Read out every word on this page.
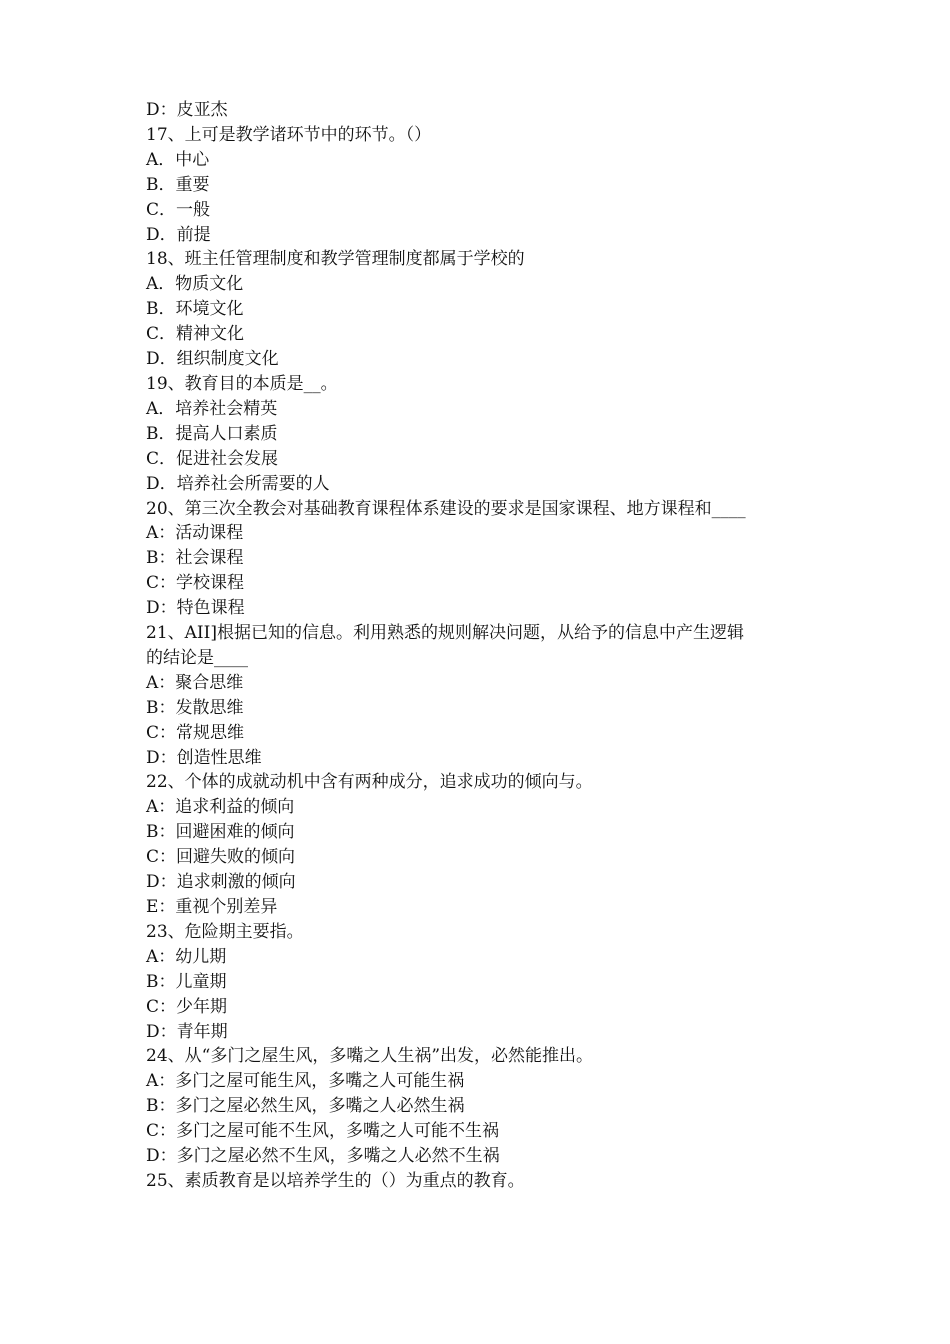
D：皮亚杰

17、上可是教学诸环节中的环节。（）

A．中心

B．重要

C．一般

D．前提

18、班主任管理制度和教学管理制度都属于学校的

A．物质文化

B．环境文化

C．精神文化

D．组织制度文化

19、教育目的本质是__。

A．培养社会精英

B．提高人口素质

C．促进社会发展

D．培养社会所需要的人

20、第三次全教会对基础教育课程体系建设的要求是国家课程、地方课程和____

A：活动课程

B：社会课程

C：学校课程

D：特色课程

21、AII]根据已知的信息。利用熟悉的规则解决问题，从给予的信息中产生逻辑

的结论是____

A：聚合思维

B：发散思维

C：常规思维

D：创造性思维

22、个体的成就动机中含有两种成分，追求成功的倾向与。

A：追求利益的倾向

B：回避困难的倾向

C：回避失败的倾向

D：追求刺激的倾向

E：重视个别差异

23、危险期主要指。

A：幼儿期

B：儿童期

C：少年期

D：青年期

24、从“多门之屋生风，多嘴之人生祸”出发，必然能推出。

A：多门之屋可能生风，多嘴之人可能生祸

B：多门之屋必然生风，多嘴之人必然生祸

C：多门之屋可能不生风，多嘴之人可能不生祸

D：多门之屋必然不生风，多嘴之人必然不生祸

25、素质教育是以培养学生的（）为重点的教育。
